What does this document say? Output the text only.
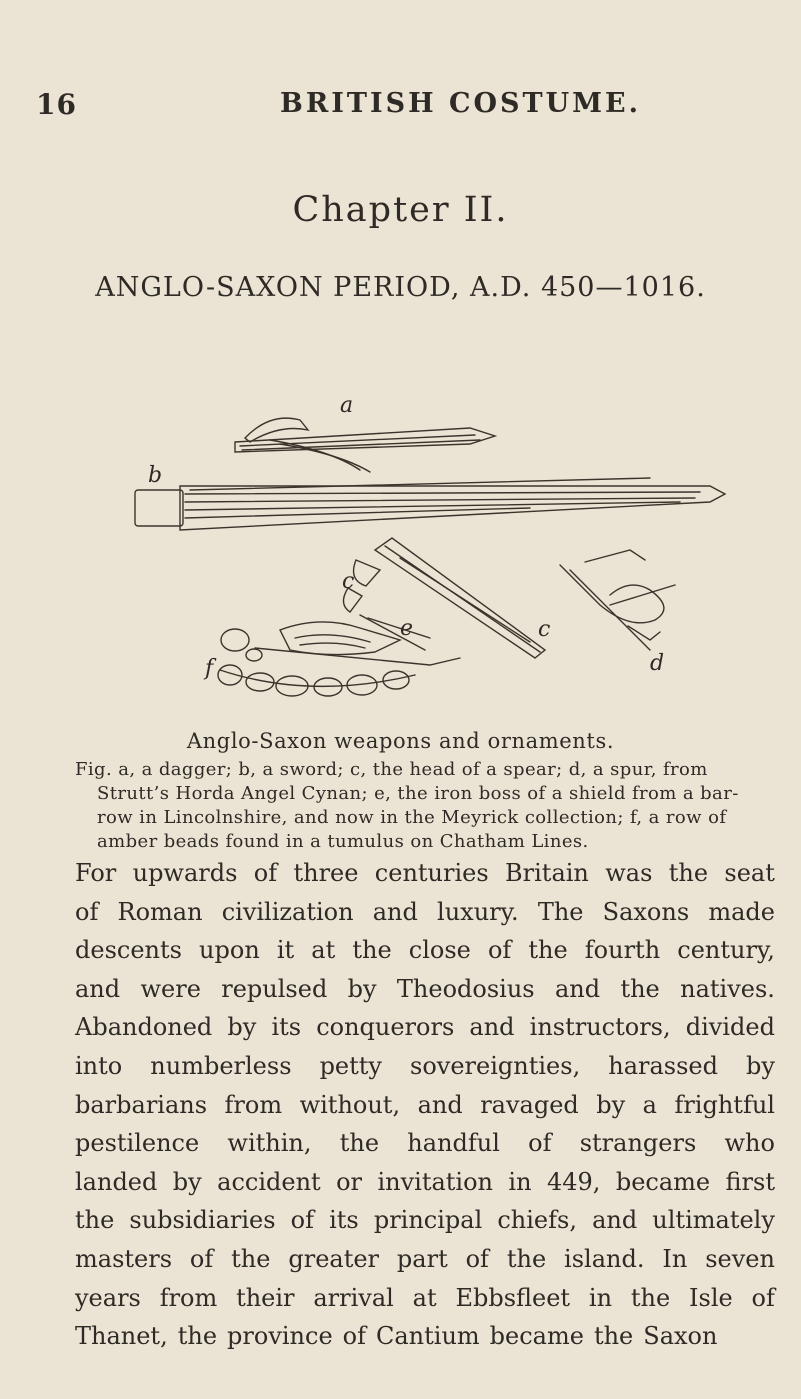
16	BRITISH COSTUME.
Chapter II.
ANGLO-SAXON PERIOD, A.D. 450—1016.
a
b
c
c
d
e
f
Anglo-Saxon weapons and ornaments.
Fig. a, a dagger; b, a sword; c, the head of a spear; d, a spur, from
Strutt’s Horda Angel Cynan; e, the iron boss of a shield from a bar-
row in Lincolnshire, and now in the Meyrick collection; f, a row of
amber beads found in a tumulus on Chatham Lines.
For upwards of three centuries Britain was the seat
of Roman civilization and luxury. The Saxons made
descents upon it at the close of the fourth century,
and were repulsed by Theodosius and the natives.
Abandoned by its conquerors and instructors, divided
into numberless petty sovereignties, harassed by
barbarians from without, and ravaged by a frightful
pestilence within, the handful of strangers who
landed by accident or invitation in 449, became first
the subsidiaries of its principal chiefs, and ultimately
masters of the greater part of the island. In seven
years from their arrival at Ebbsfleet in the Isle of
Thanet, the province of Cantium became the Saxon
